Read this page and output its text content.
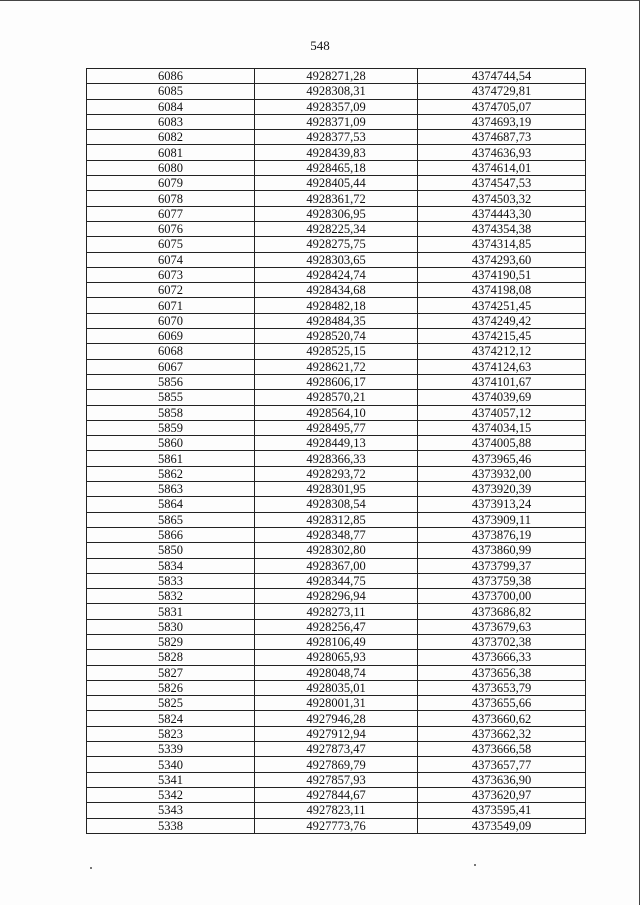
548
6086	4928271,28	4374744,54
6085	4928308,31	4374729,81
6084	4928357,09	4374705,07
6083	4928371,09	4374693,19
6082	4928377,53	4374687,73
6081	4928439,83	4374636,93
6080	4928465,18	4374614,01
6079	4928405,44	4374547,53
6078	4928361,72	4374503,32
6077	4928306,95	4374443,30
6076	4928225,34	4374354,38
6075	4928275,75	4374314,85
6074	4928303,65	4374293,60
6073	4928424,74	4374190,51
6072	4928434,68	4374198,08
6071	4928482,18	4374251,45
6070	4928484,35	4374249,42
6069	4928520,74	4374215,45
6068	4928525,15	4374212,12
6067	4928621,72	4374124,63
5856	4928606,17	4374101,67
5855	4928570,21	4374039,69
5858	4928564,10	4374057,12
5859	4928495,77	4374034,15
5860	4928449,13	4374005,88
5861	4928366,33	4373965,46
5862	4928293,72	4373932,00
5863	4928301,95	4373920,39
5864	4928308,54	4373913,24
5865	4928312,85	4373909,11
5866	4928348,77	4373876,19
5850	4928302,80	4373860,99
5834	4928367,00	4373799,37
5833	4928344,75	4373759,38
5832	4928296,94	4373700,00
5831	4928273,11	4373686,82
5830	4928256,47	4373679,63
5829	4928106,49	4373702,38
5828	4928065,93	4373666,33
5827	4928048,74	4373656,38
5826	4928035,01	4373653,79
5825	4928001,31	4373655,66
5824	4927946,28	4373660,62
5823	4927912,94	4373662,32
5339	4927873,47	4373666,58
5340	4927869,79	4373657,77
5341	4927857,93	4373636,90
5342	4927844,67	4373620,97
5343	4927823,11	4373595,41
5338	4927773,76	4373549,09
